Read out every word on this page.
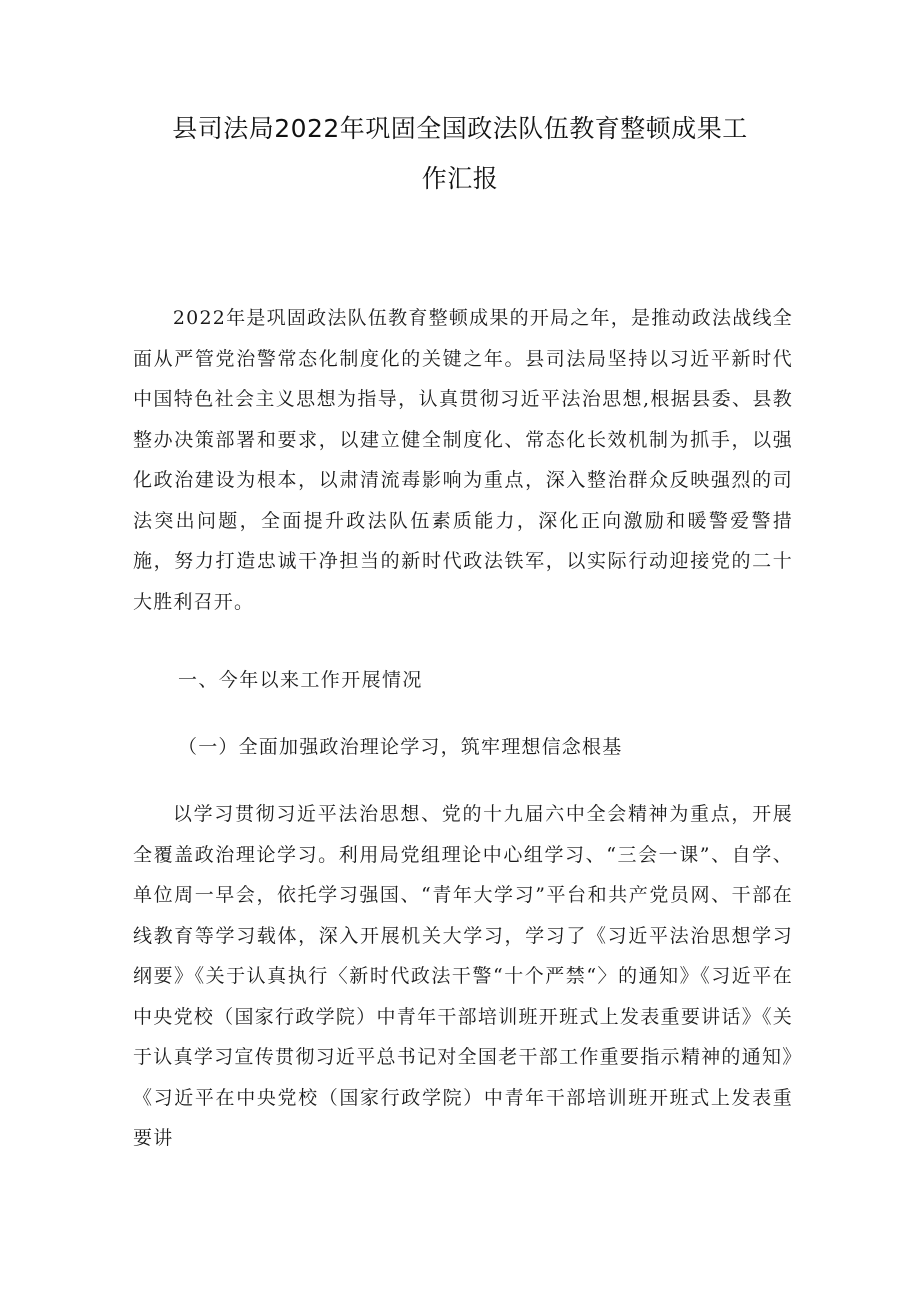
县司法局2022年巩固全国政法队伍教育整顿成果工
作汇报

2022年是巩固政法队伍教育整顿成果的开局之年，是推动政法战线全面从严管党治警常态化制度化的关键之年。县司法局坚持以习近平新时代中国特色社会主义思想为指导，认真贯彻习近平法治思想,根据县委、县教整办决策部署和要求，以建立健全制度化、常态化长效机制为抓手，以强化政治建设为根本，以肃清流毒影响为重点，深入整治群众反映强烈的司法突出问题，全面提升政法队伍素质能力，深化正向激励和暖警爱警措施，努力打造忠诚干净担当的新时代政法铁军，以实际行动迎接党的二十大胜利召开。

一、今年以来工作开展情况
（一）全面加强政治理论学习，筑牢理想信念根基

以学习贯彻习近平法治思想、党的十九届六中全会精神为重点，开展全覆盖政治理论学习。利用局党组理论中心组学习、“三会一课”、自学、单位周一早会，依托学习强国、“青年大学习”平台和共产党员网、干部在线教育等学习载体，深入开展机关大学习，学习了《习近平法治思想学习纲要》《关于认真执行〈新时代政法干警“十个严禁“〉的通知》《习近平在中央党校（国家行政学院）中青年干部培训班开班式上发表重要讲话》《关于认真学习宣传贯彻习近平总书记对全国老干部工作重要指示精神的通知》《习近平在中央党校（国家行政学院）中青年干部培训班开班式上发表重要讲
